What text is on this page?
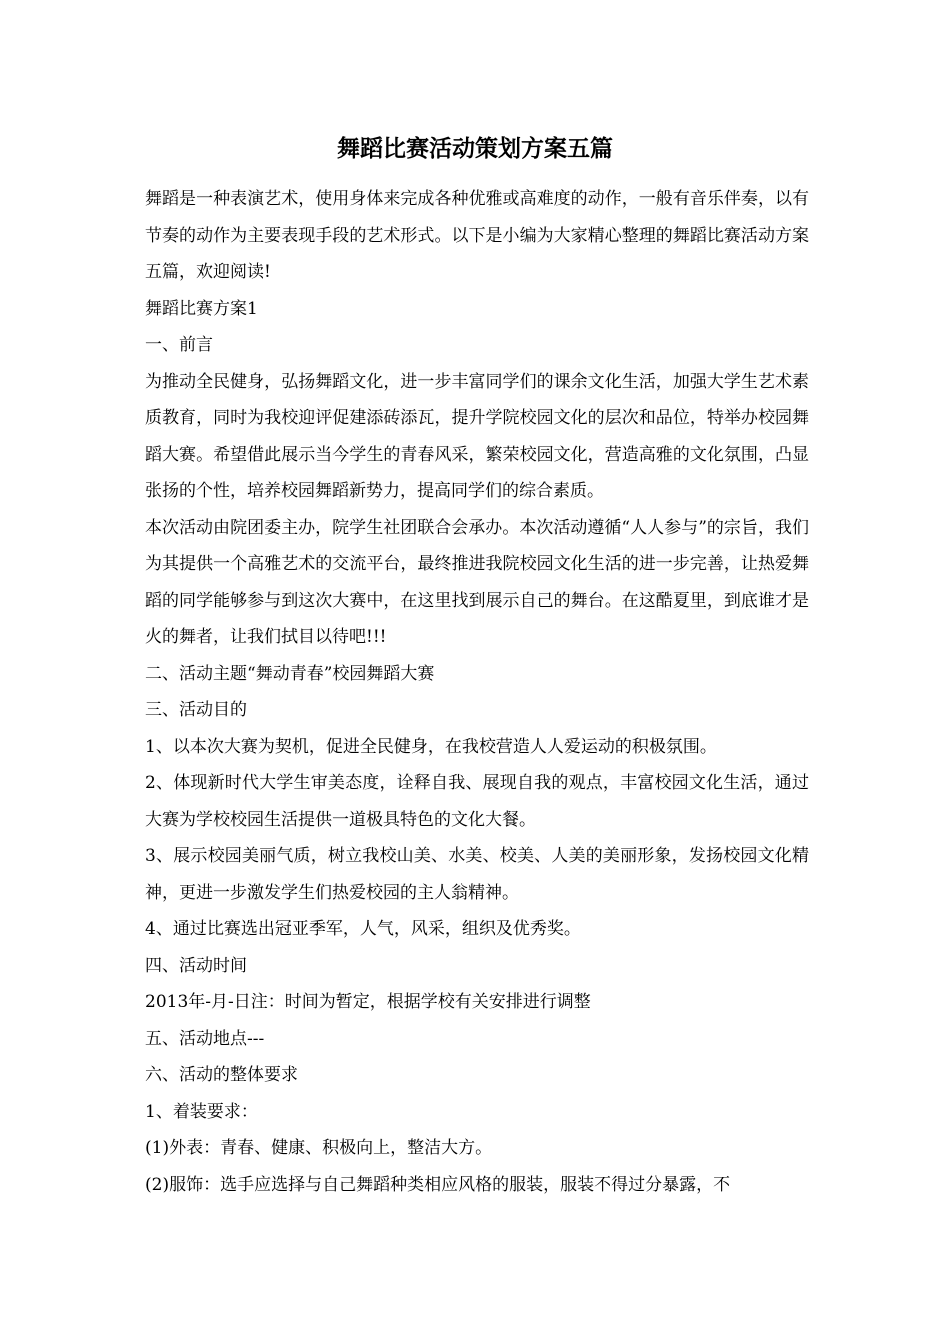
舞蹈比赛活动策划方案五篇

舞蹈是一种表演艺术，使用身体来完成各种优雅或高难度的动作，一般有音乐伴奏，以有节奏的动作为主要表现手段的艺术形式。以下是小编为大家精心整理的舞蹈比赛活动方案五篇，欢迎阅读!

舞蹈比赛方案1

一、前言

为推动全民健身，弘扬舞蹈文化，进一步丰富同学们的课余文化生活，加强大学生艺术素质教育，同时为我校迎评促建添砖添瓦，提升学院校园文化的层次和品位，特举办校园舞蹈大赛。希望借此展示当今学生的青春风采，繁荣校园文化，营造高雅的文化氛围，凸显张扬的个性，培养校园舞蹈新势力，提高同学们的综合素质。

本次活动由院团委主办，院学生社团联合会承办。本次活动遵循“人人参与”的宗旨，我们为其提供一个高雅艺术的交流平台，最终推进我院校园文化生活的进一步完善，让热爱舞蹈的同学能够参与到这次大赛中，在这里找到展示自己的舞台。在这酷夏里，到底谁才是火的舞者，让我们拭目以待吧!!!

二、活动主题“舞动青春”校园舞蹈大赛

三、活动目的

1、以本次大赛为契机，促进全民健身，在我校营造人人爱运动的积极氛围。

2、体现新时代大学生审美态度，诠释自我、展现自我的观点，丰富校园文化生活，通过大赛为学校校园生活提供一道极具特色的文化大餐。

3、展示校园美丽气质，树立我校山美、水美、校美、人美的美丽形象，发扬校园文化精神，更进一步激发学生们热爱校园的主人翁精神。

4、通过比赛选出冠亚季军，人气，风采，组织及优秀奖。

四、活动时间

2013年-月-日注：时间为暂定，根据学校有关安排进行调整

五、活动地点---

六、活动的整体要求

1、着装要求：

(1)外表：青春、健康、积极向上，整洁大方。

(2)服饰：选手应选择与自己舞蹈种类相应风格的服装，服装不得过分暴露，不
